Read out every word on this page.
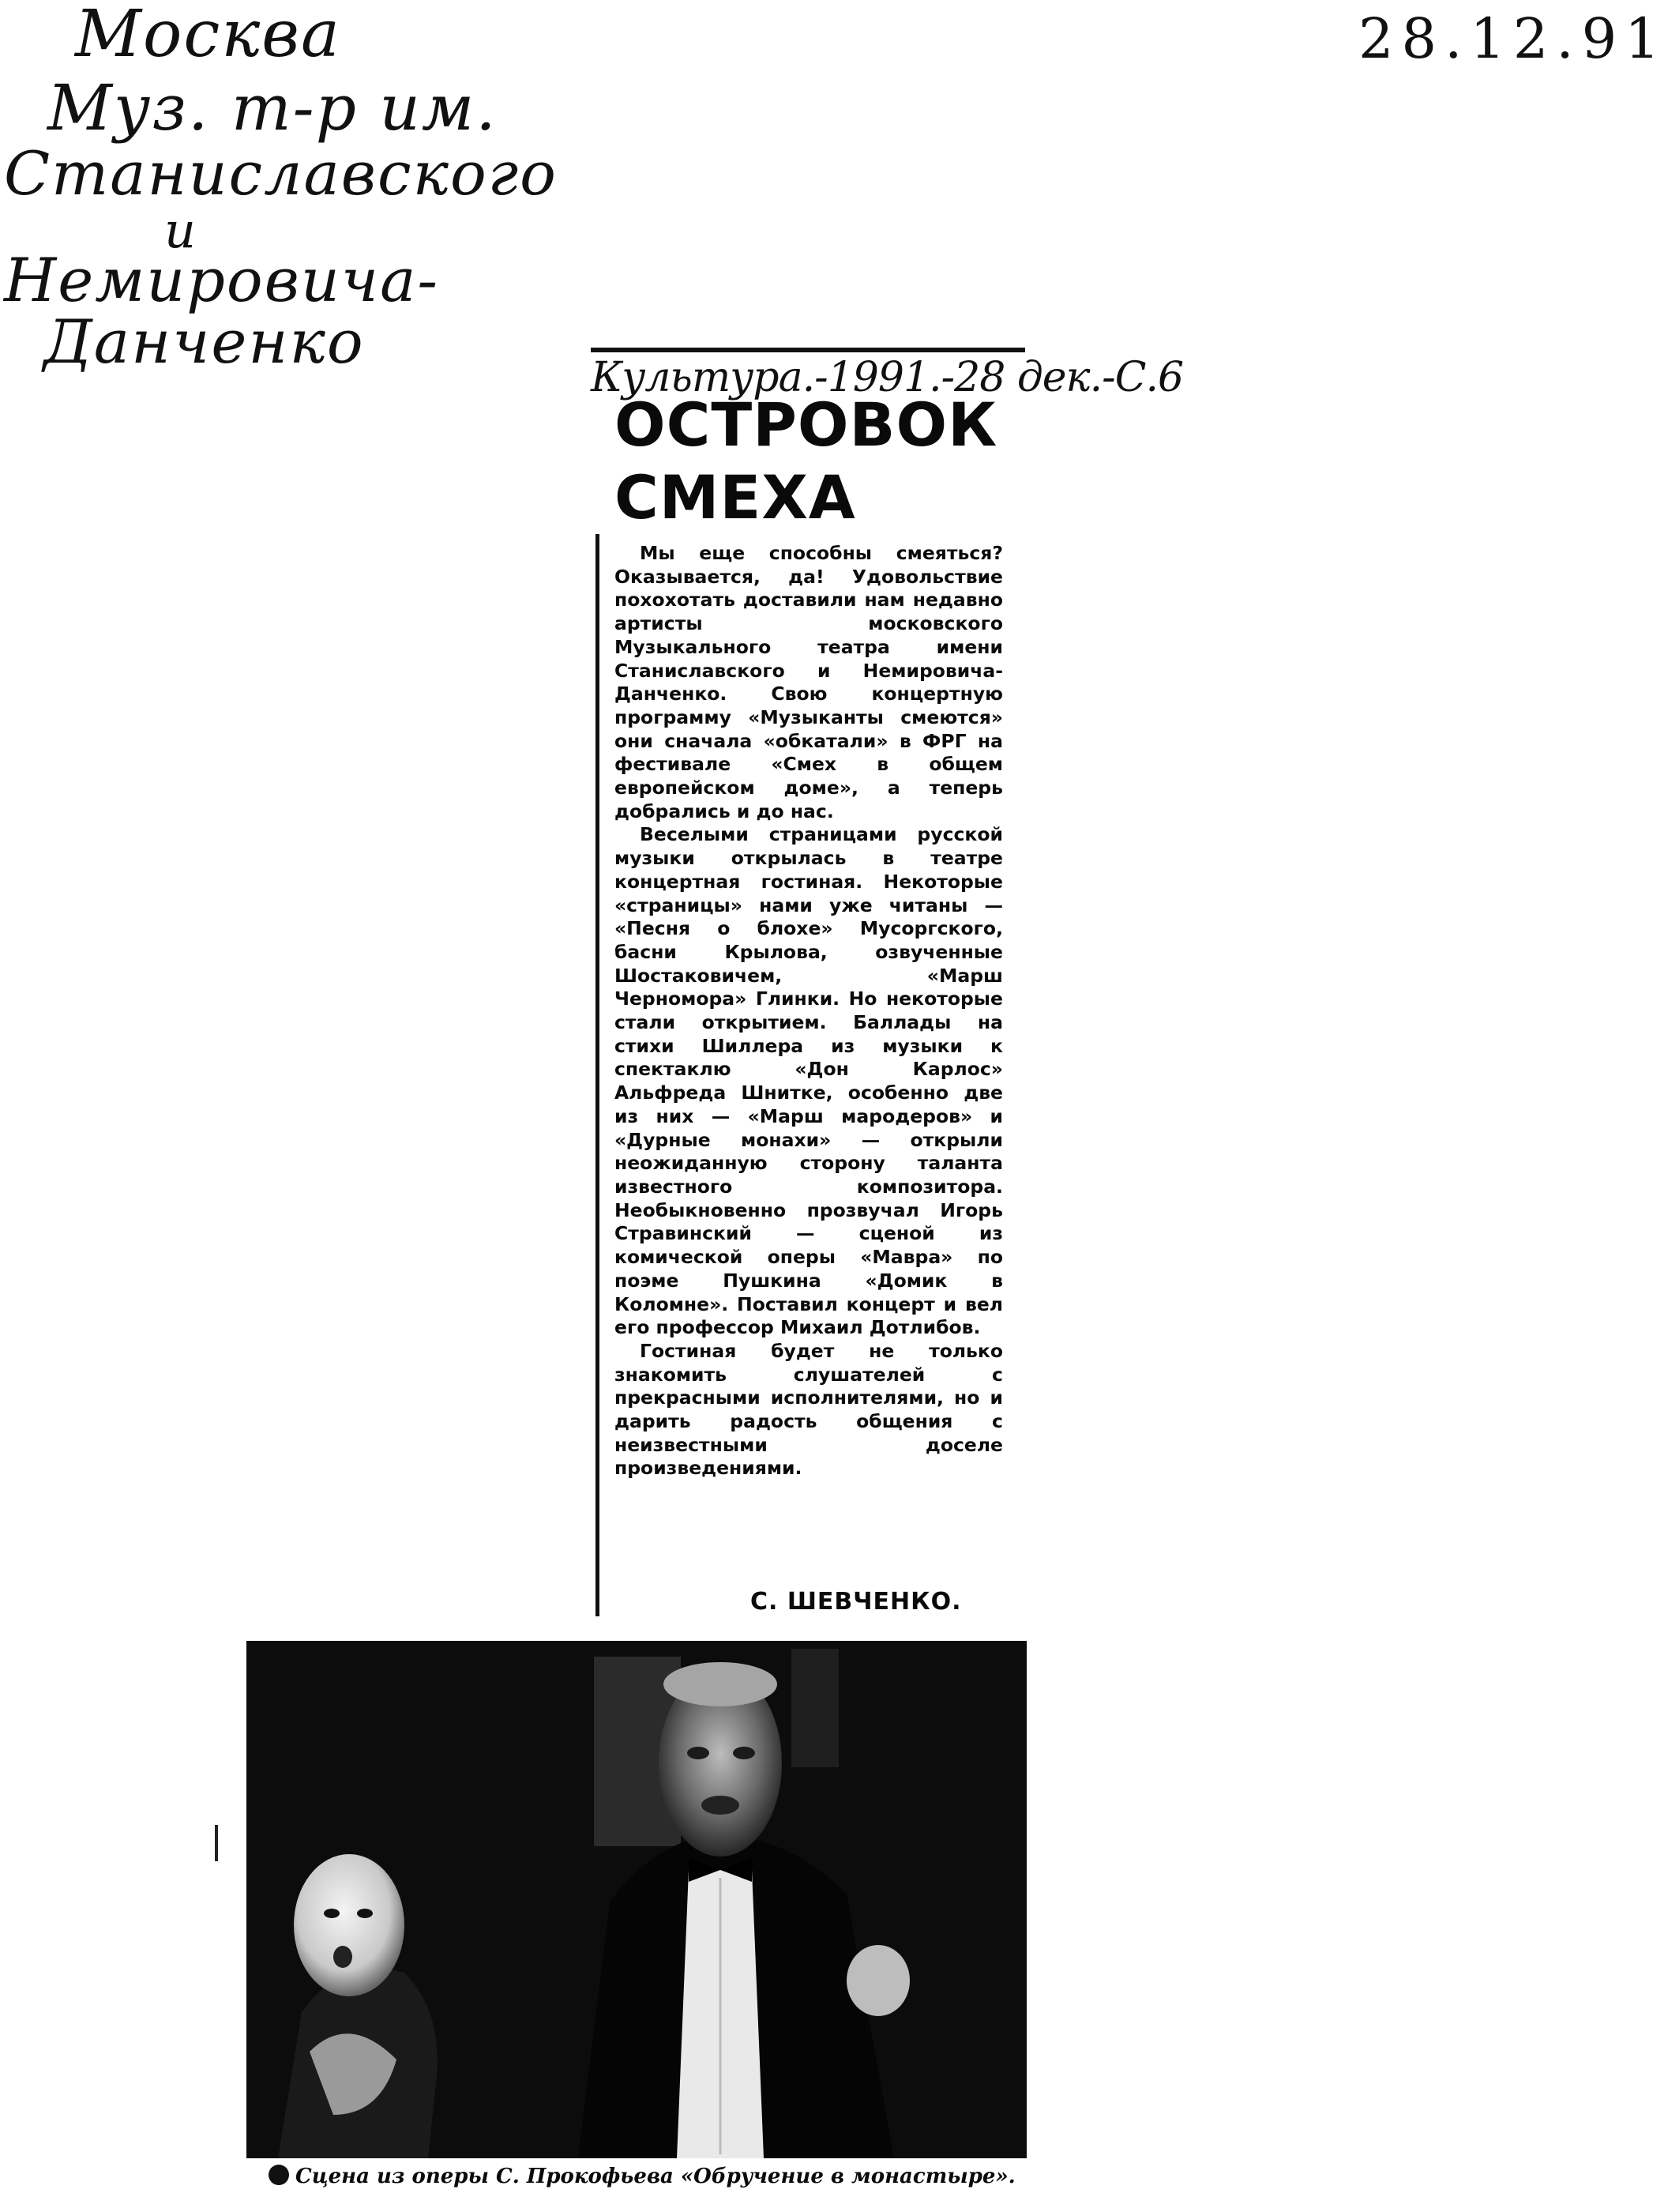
Москва
Муз. т-р им.
Станиславского
и
Немировича-
Данченко
28.12.91
Культура.-1991.-28 дек.-С.6
ОСТРОВОК
СМЕХА

Мы еще способны смеяться? Оказывается, да! Удовольствие похохотать доставили нам недавно артисты московского Музыкального театра имени Станиславского и Немировича-Данченко. Свою концертную программу «Музыканты смеются» они сначала «обкатали» в ФРГ на фестивале «Смех в общем европейском доме», а теперь добрались и до нас.

Веселыми страницами русской музыки открылась в театре концертная гостиная. Некоторые «страницы» нами уже читаны — «Песня о блохе» Мусоргского, басни Крылова, озвученные Шостаковичем, «Марш Черномора» Глинки. Но некоторые стали открытием. Баллады на стихи Шиллера из музыки к спектаклю «Дон Карлос» Альфреда Шнитке, особенно две из них — «Марш мародеров» и «Дурные монахи» — открыли неожиданную сторону таланта известного композитора. Необыкновенно прозвучал Игорь Стравинский — сценой из комической оперы «Мавра» по поэме Пушкина «Домик в Коломне». Поставил концерт и вел его профессор Михаил Дотлибов.

Гостиная будет не только знакомить слушателей с прекрасными исполнителями, но и дарить радость общения с неизвестными доселе произведениями.

С. ШЕВЧЕНКО.
Сцена из оперы С. Прокофьева «Обручение в монастыре».
